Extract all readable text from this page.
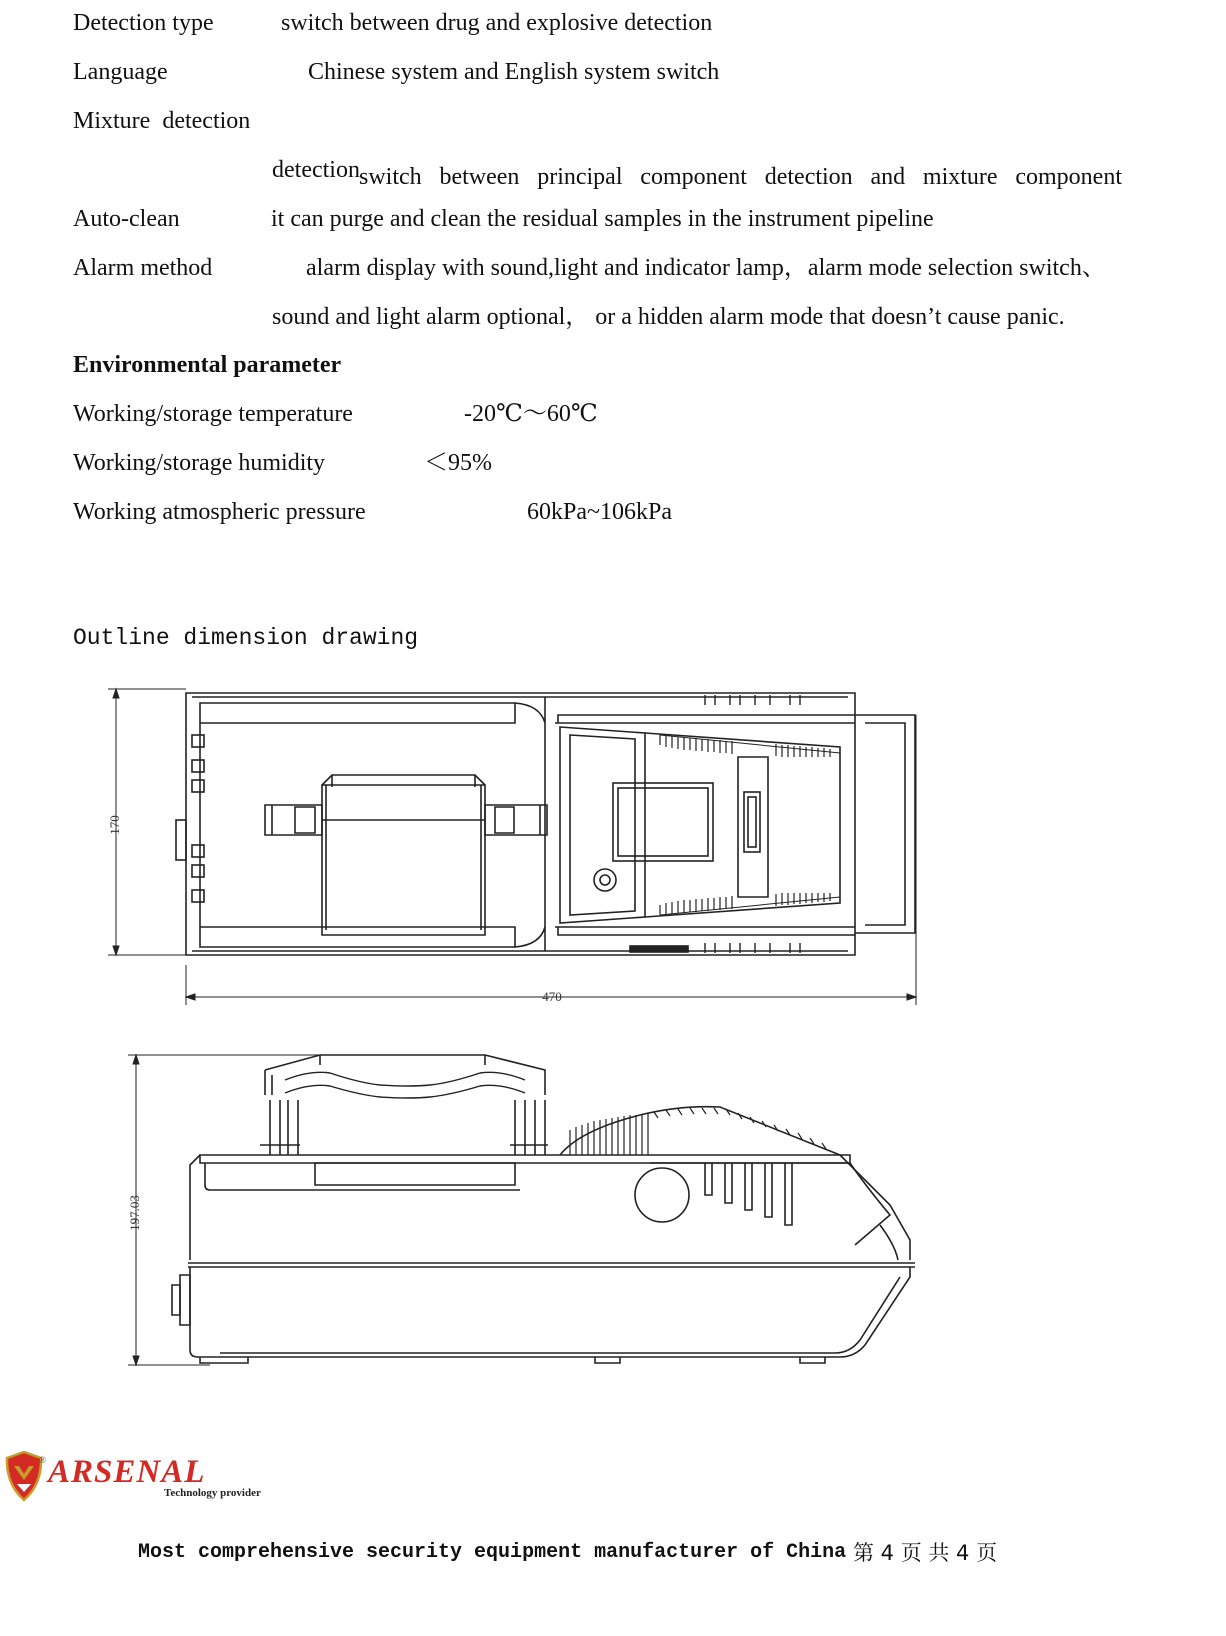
Detection type	switch between drug and explosive detection
Language	Chinese system and English system switch
Mixture  detection

switch between principal component detection and mixture component

detection
Auto-clean	it can purge and clean the residual samples in the instrument pipeline
Alarm method	alarm display with sound,light and indicator lamp，alarm mode selection switch、
sound and light alarm optional， or a hidden alarm mode that doesn’t cause panic.
Environmental parameter
Working/storage temperature	-20℃～60℃
Working/storage humidity	＜95%
Working atmospheric pressure	60kPa~106kPa
Outline dimension drawing
170
470
197.03
ARSENAL
®
Technology provider
Most comprehensive security equipment manufacturer of China 第 4 页 共 4 页
